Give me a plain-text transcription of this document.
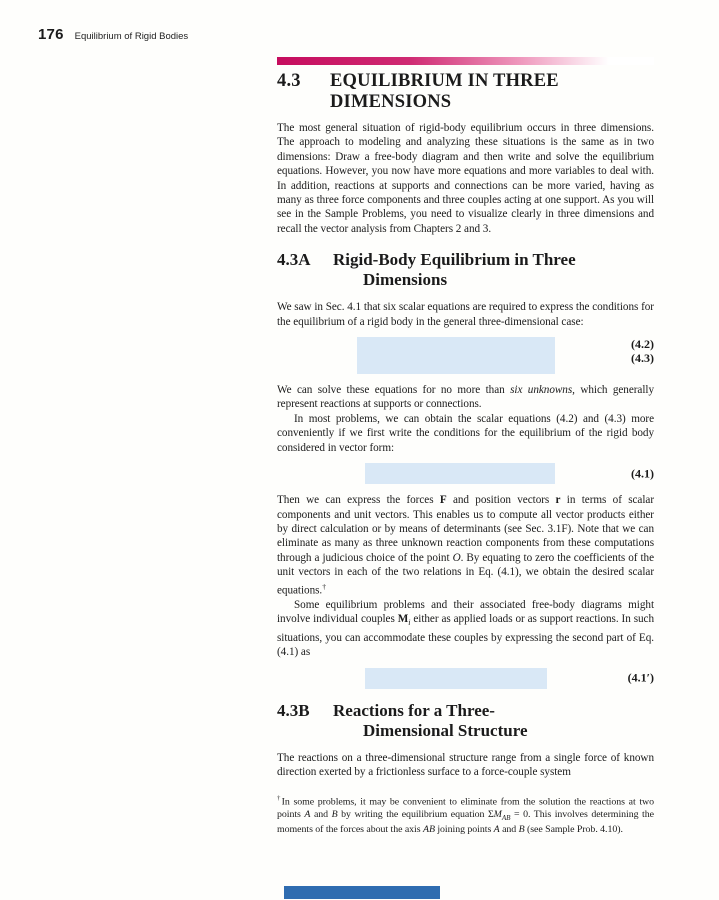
176 Equilibrium of Rigid Bodies
4.3	EQUILIBRIUM IN THREE DIMENSIONS

The most general situation of rigid-body equilibrium occurs in three dimensions. The approach to modeling and analyzing these situations is the same as in two dimensions: Draw a free-body diagram and then write and solve the equilibrium equations. However, you now have more equations and more variables to deal with. In addition, reactions at supports and connections can be more varied, having as many as three force components and three couples acting at one support. As you will see in the Sample Problems, you need to visualize clearly in three dimensions and recall the vector analysis from Chapters 2 and 3.

4.3A	Rigid-Body Equilibrium in Three Dimensions

We saw in Sec. 4.1 that six scalar equations are required to express the conditions for the equilibrium of a rigid body in the general three-dimensional case:

(4.2)
(4.3)

We can solve these equations for no more than six unknowns, which generally represent reactions at supports or connections.

In most problems, we can obtain the scalar equations (4.2) and (4.3) more conveniently if we first write the conditions for the equilibrium of the rigid body considered in vector form:

(4.1)

Then we can express the forces F and position vectors r in terms of scalar components and unit vectors. This enables us to compute all vector products either by direct calculation or by means of determinants (see Sec. 3.1F). Note that we can eliminate as many as three unknown reaction components from these computations through a judicious choice of the point O. By equating to zero the coefficients of the unit vectors in each of the two relations in Eq. (4.1), we obtain the desired scalar equations.†

Some equilibrium problems and their associated free-body diagrams might involve individual couples $M_i$ either as applied loads or as support reactions. In such situations, you can accommodate these couples by expressing the second part of Eq. (4.1) as

(4.1′)
4.3B	Reactions for a Three-Dimensional Structure

The reactions on a three-dimensional structure range from a single force of known direction exerted by a frictionless surface to a force-couple system

†In some problems, it may be convenient to eliminate from the solution the reactions at two points A and B by writing the equilibrium equation $\Sigma M_{AB} = 0$. This involves determining the moments of the forces about the axis AB joining points A and B (see Sample Prob. 4.10).
